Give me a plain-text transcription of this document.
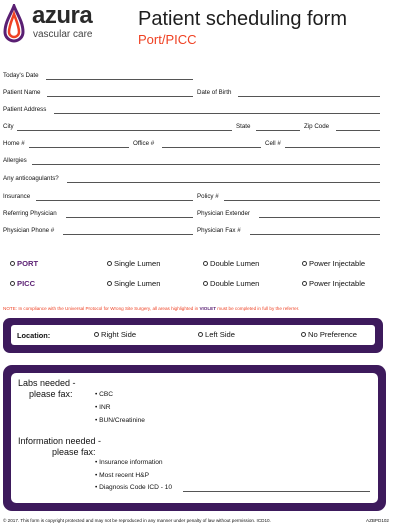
azura
vascular care
Patient scheduling form
Port/PICC
Today's Date
Patient Name	Date of Birth
Patient Address
City	State	Zip Code
Home #	Office #	Cell #
Allergies
Any anticoagulants?
Insurance	Policy #
Referring Physician	Physician Extender
Physician Phone #	Physician Fax #
PORT	Single Lumen	Double Lumen	Power Injectable
PICC	Single Lumen	Double Lumen	Power Injectable
NOTE: In compliance with the Universal Protocol for Wrong Site Surgery, all areas highlighted in VIOLET must be completed in full by the referrer.
Location:	Right Side	Left Side	No Preference
Labs needed -
please fax:	• CBC
• INR
• BUN/Creatinine
Information needed -
please fax:
• Insurance information
• Most recent H&P
• Diagnosis Code ICD - 10
© 2017. This form is copyright protected and may not be reproduced in any manner under penalty of law without permission. ICD10.	AZBPD102
